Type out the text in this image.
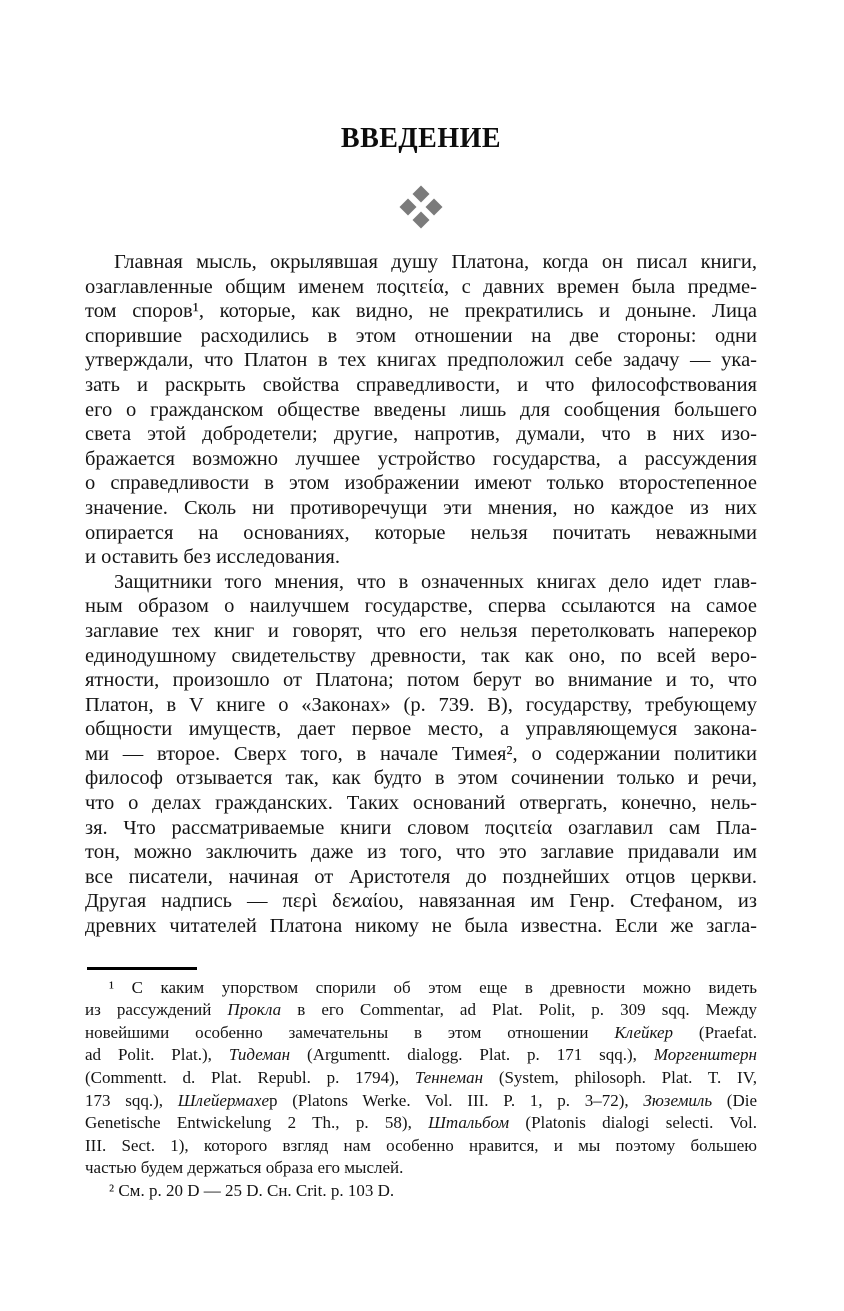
ВВЕДЕНИЕ
Главная мысль, окрылявшая душу Платона, когда он писал книги,
озаглавленные общим именем ποςιτεία, с давних времен была предме-
том споров¹, которые, как видно, не прекратились и доныне. Лица
спорившие расходились в этом отношении на две стороны: одни
утверждали, что Платон в тех книгах предположил себе задачу — ука-
зать и раскрыть свойства справедливости, и что философствования
его о гражданском обществе введены лишь для сообщения большего
света этой добродетели; другие, напротив, думали, что в них изо-
бражается возможно лучшее устройство государства, а рассуждения
о справедливости в этом изображении имеют только второстепенное
значение. Сколь ни противоречущи эти мнения, но каждое из них
опирается на основаниях, которые нельзя почитать неважными
и оставить без исследования.
Защитники того мнения, что в означенных книгах дело идет глав-
ным образом о наилучшем государстве, сперва ссылаются на самое
заглавие тех книг и говорят, что его нельзя перетолковать наперекор
единодушному свидетельству древности, так как оно, по всей веро-
ятности, произошло от Платона; потом берут во внимание и то, что
Платон, в V книге о «Законах» (p. 739. B), государству, требующему
общности имуществ, дает первое место, а управляющемуся закона-
ми — второе. Сверх того, в начале Тимея², о содержании политики
философ отзывается так, как будто в этом сочинении только и речи,
что о делах гражданских. Таких оснований отвергать, конечно, нель-
зя. Что рассматриваемые книги словом ποςιτεία озаглавил сам Пла-
тон, можно заключить даже из того, что это заглавие придавали им
все писатели, начиная от Аристотеля до позднейших отцов церкви.
Другая надпись — περὶ δεϰαίου, навязанная им Генр. Стефаном, из
древних читателей Платона никому не была известна. Если же загла-
¹ С каким упорством спорили об этом еще в древности можно видеть
из рассуждений Прокла в его Commentar, ad Plat. Polit, p. 309 sqq. Между
новейшими особенно замечательны в этом отношении Клейкер (Praefat.
ad Polit. Plat.), Тидеман (Argumentt. dialogg. Plat. p. 171 sqq.), Моргенштерн
(Commentt. d. Plat. Republ. p. 1794), Теннеман (System, philosoph. Plat. T. IV,
173 sqq.), Шлейермахер (Platons Werke. Vol. III. P. 1, p. 3–72), Зюземиль (Die
Genetische Entwickelung 2 Th., p. 58), Штальбом (Platonis dialogi selecti. Vol.
III. Sect. 1), которого взгляд нам особенно нравится, и мы поэтому большею
частью будем держаться образа его мыслей.
² См. p. 20 D — 25 D. Сн. Crit. p. 103 D.
